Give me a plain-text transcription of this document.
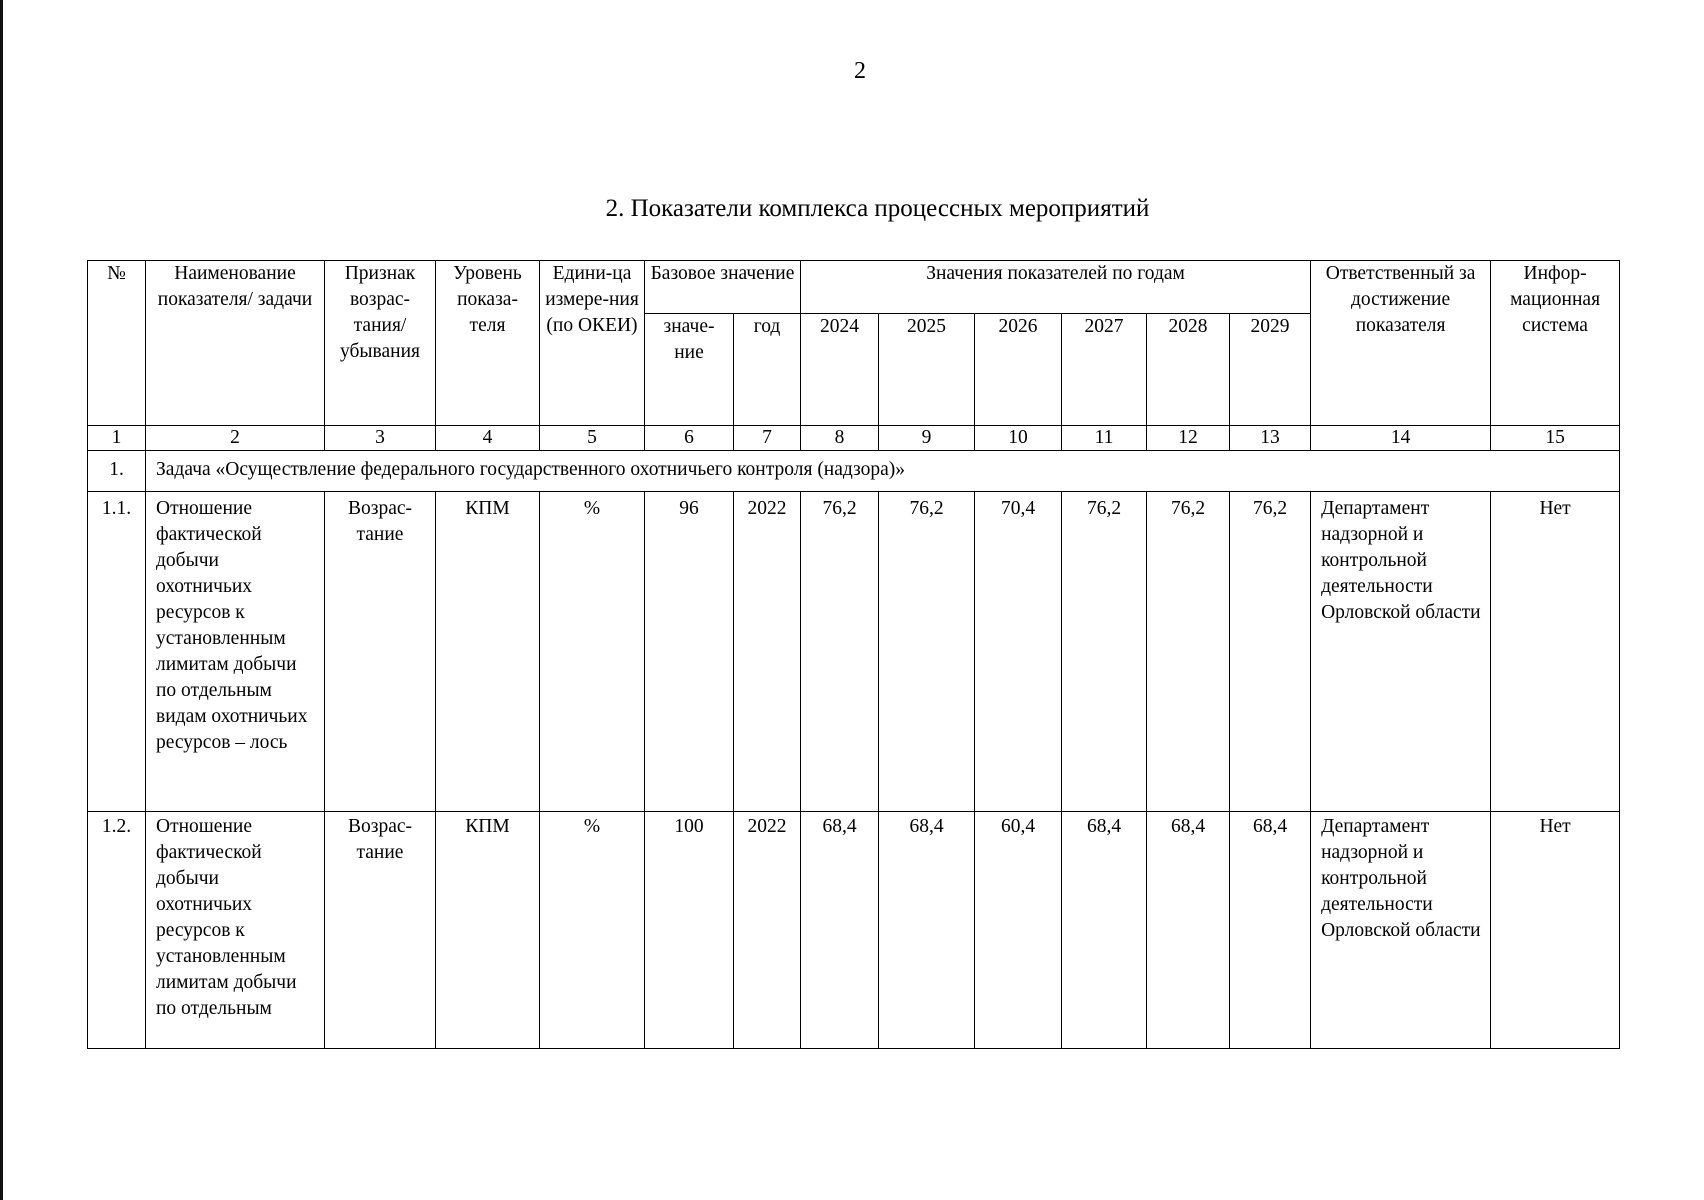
2
2. Показатели комплекса процессных мероприятий
№	Наименование показателя/ задачи	Признак возрас-тания/ убывания	Уровень показа-теля	Едини-ца измере-ния (по ОКЕИ)	Базовое значение		Значения показателей по годам						Ответственный за достижение показателя	Инфор-мационная система
					значе-ние	год	2024	2025	2026	2027	2028	2029		
1	2	3	4	5	6	7	8	9	10	11	12	13	14	15
1.	Задача «Осуществление федерального государственного охотничьего контроля (надзора)»													
1.1.	Отношение фактической добычи охотничьих ресурсов к установленным лимитам добычи по отдельным видам охотничьих ресурсов – лось	Возрас-тание	КПМ	%	96	2022	76,2	76,2	70,4	76,2	76,2	76,2	Департамент надзорной и контрольной деятельности Орловской области	Нет
1.2.	Отношение фактической добычи охотничьих ресурсов к установленным лимитам добычи по отдельным	Возрас-тание	КПМ	%	100	2022	68,4	68,4	60,4	68,4	68,4	68,4	Департамент надзорной и контрольной деятельности Орловской области	Нет
